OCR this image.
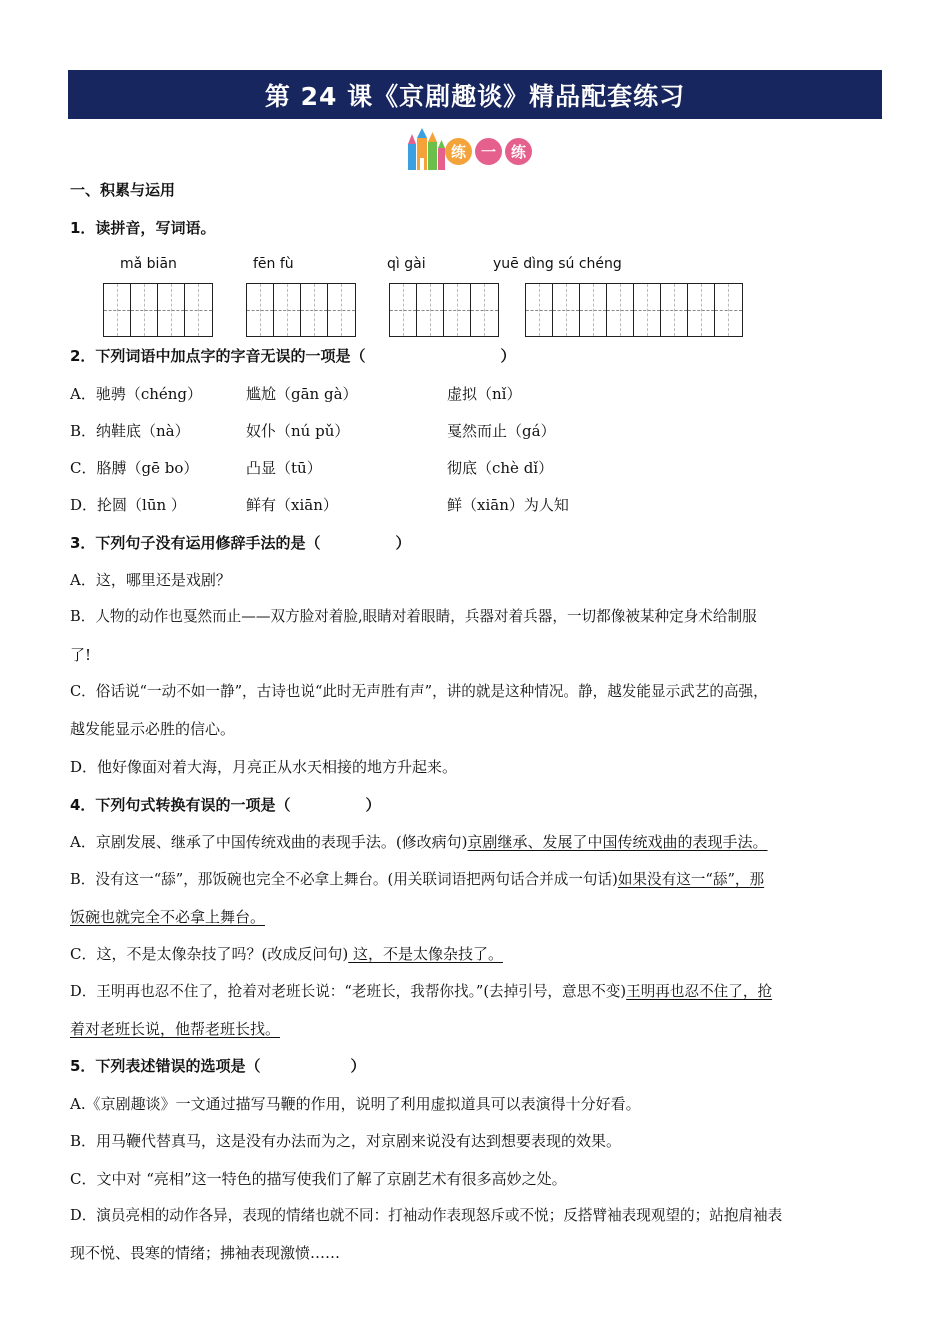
第 24 课《京剧趣谈》精品配套练习
练 一 练
一、积累与运用
1．读拼音，写词语。
mǎ biān	fēn fù	qì gài	yuē dìng sú chéng
2．下列词语中加点字的字音无误的一项是（　　　　　　　　　）
A．驰骋（chéng）	尴尬（gān gà）	虚拟（nǐ）
B．纳鞋底（nà）	奴仆（nú pǔ）	戛然而止（gá）
C．胳膊（gē bo）	凸显（tū）	彻底（chè dǐ）
D．抡圆（lūn ）	鲜有（xiān）	鲜（xiān）为人知
3．下列句子没有运用修辞手法的是（　　　　　）
A．这，哪里还是戏剧？
B．人物的动作也戛然而止——双方脸对着脸,眼睛对着眼睛，兵器对着兵器，一切都像被某种定身术给制服
了!
C．俗话说“一动不如一静”，古诗也说“此时无声胜有声”，讲的就是这种情况。静，越发能显示武艺的高强，
越发能显示必胜的信心。
D．他好像面对着大海，月亮正从水天相接的地方升起来。
4．下列句式转换有误的一项是（　　　　　）
A．京剧发展、继承了中国传统戏曲的表现手法。(修改病句)京剧继承、发展了中国传统戏曲的表现手法。
B．没有这一“舔”，那饭碗也完全不必拿上舞台。(用关联词语把两句话合并成一句话)如果没有这一“舔”，那
饭碗也就完全不必拿上舞台。
C．这，不是太像杂技了吗？(改成反问句) 这，不是太像杂技了。
D．王明再也忍不住了，抢着对老班长说：“老班长，我帮你找。”(去掉引号，意思不变)王明再也忍不住了，抢
着对老班长说，他帮老班长找。
5．下列表述错误的选项是（　　　　　　）
A.《京剧趣谈》一文通过描写马鞭的作用，说明了利用虚拟道具可以表演得十分好看。
B．用马鞭代替真马，这是没有办法而为之，对京剧来说没有达到想要表现的效果。
C．文中对 “亮相”这一特色的描写使我们了解了京剧艺术有很多高妙之处。
D．演员亮相的动作各异，表现的情绪也就不同：打袖动作表现怒斥或不悦；反搭臂袖表现观望的；站抱肩袖表
现不悦、畏寒的情绪；拂袖表现激愤……
